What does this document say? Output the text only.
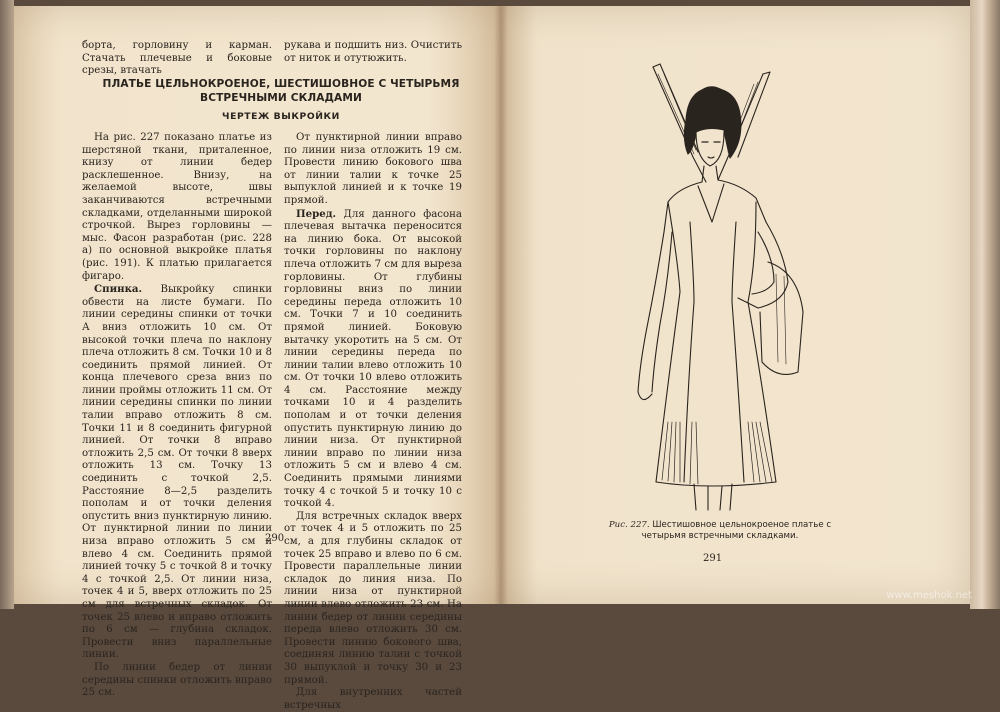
борта, горловину и карман. Стачать плечевые и боковые срезы, втачать
рукава и подшить низ. Очистить от ниток и отутюжить.
ПЛАТЬЕ ЦЕЛЬНОКРОЕНОЕ, ШЕСТИШОВНОЕ С ЧЕТЫРЬМЯ
ВСТРЕЧНЫМИ СКЛАДАМИ
ЧЕРТЕЖ ВЫКРОЙКИ

На рис. 227 показано платье из шерстяной ткани, приталенное, книзу от линии бедер расклешенное. Внизу, на желаемой высоте, швы заканчиваются встречными складками, отделанными широкой строчкой. Вырез горловины — мыс. Фасон разработан (рис. 228 а) по основной выкройке платья (рис. 191). К платью прилагается фигаро.

Спинка. Выкройку спинки обвести на листе бумаги. По линии середины спинки от точки А вниз отложить 10 см. От высокой точки плеча по наклону плеча отложить 8 см. Точки 10 и 8 соединить прямой линией. От конца плечевого среза вниз по линии проймы отложить 11 см. От линии середины спинки по линии талии вправо отложить 8 см. Точки 11 и 8 соединить фигурной линией. От точки 8 вправо отложить 2,5 см. От точки 8 вверх отложить 13 см. Точку 13 соединить с точкой 2,5. Расстояние 8—2,5 разделить пополам и от точки деления опустить вниз пунктирную линию. От пунктирной линии по линии низа вправо отложить 5 см и влево 4 см. Соединить прямой линией точку 5 с точкой 8 и точку 4 с точкой 2,5. От линии низа, точек 4 и 5, вверх отложить по 25 см для встречных складок. От точек 25 влево и вправо отложить по 6 см — глубина складок. Провести вниз параллельные линии.

По линии бедер от линии середины спинки отложить вправо 25 см.

От пунктирной линии вправо по линии низа отложить 19 см. Провести линию бокового шва от линии талии к точке 25 выпуклой линией и к точке 19 прямой.

Перед. Для данного фасона плечевая вытачка переносится на линию бока. От высокой точки горловины по наклону плеча отложить 7 см для выреза горловины. От глубины горловины вниз по линии середины переда отложить 10 см. Точки 7 и 10 соединить прямой линией. Боковую вытачку укоротить на 5 см. От линии середины переда по линии талии влево отложить 10 см. От точки 10 влево отложить 4 см. Расстояние между точками 10 и 4 разделить пополам и от точки деления опустить пунктирную линию до линии низа. От пунктирной линии вправо по линии низа отложить 5 см и влево 4 см. Соединить прямыми линиями точку 4 с точкой 5 и точку 10 с точкой 4.

Для встречных складок вверх от точек 4 и 5 отложить по 25 см, а для глубины складок от точек 25 вправо и влево по 6 см. Провести параллельные линии складок до линия низа. По линии низа от пунктирной линии влево отложить 23 см. На линии бедер от линии середины переда влево отложить 30 см. Провести линию бокового шва, соединяя линию талии с точкой 30 выпуклой и точку 30 и 23 прямой.

Для внутренних частей встречных

290
Рис. 227. Шестишовное цельнокроеное платье с четырьмя встречными складками.
291
www.meshok.net
